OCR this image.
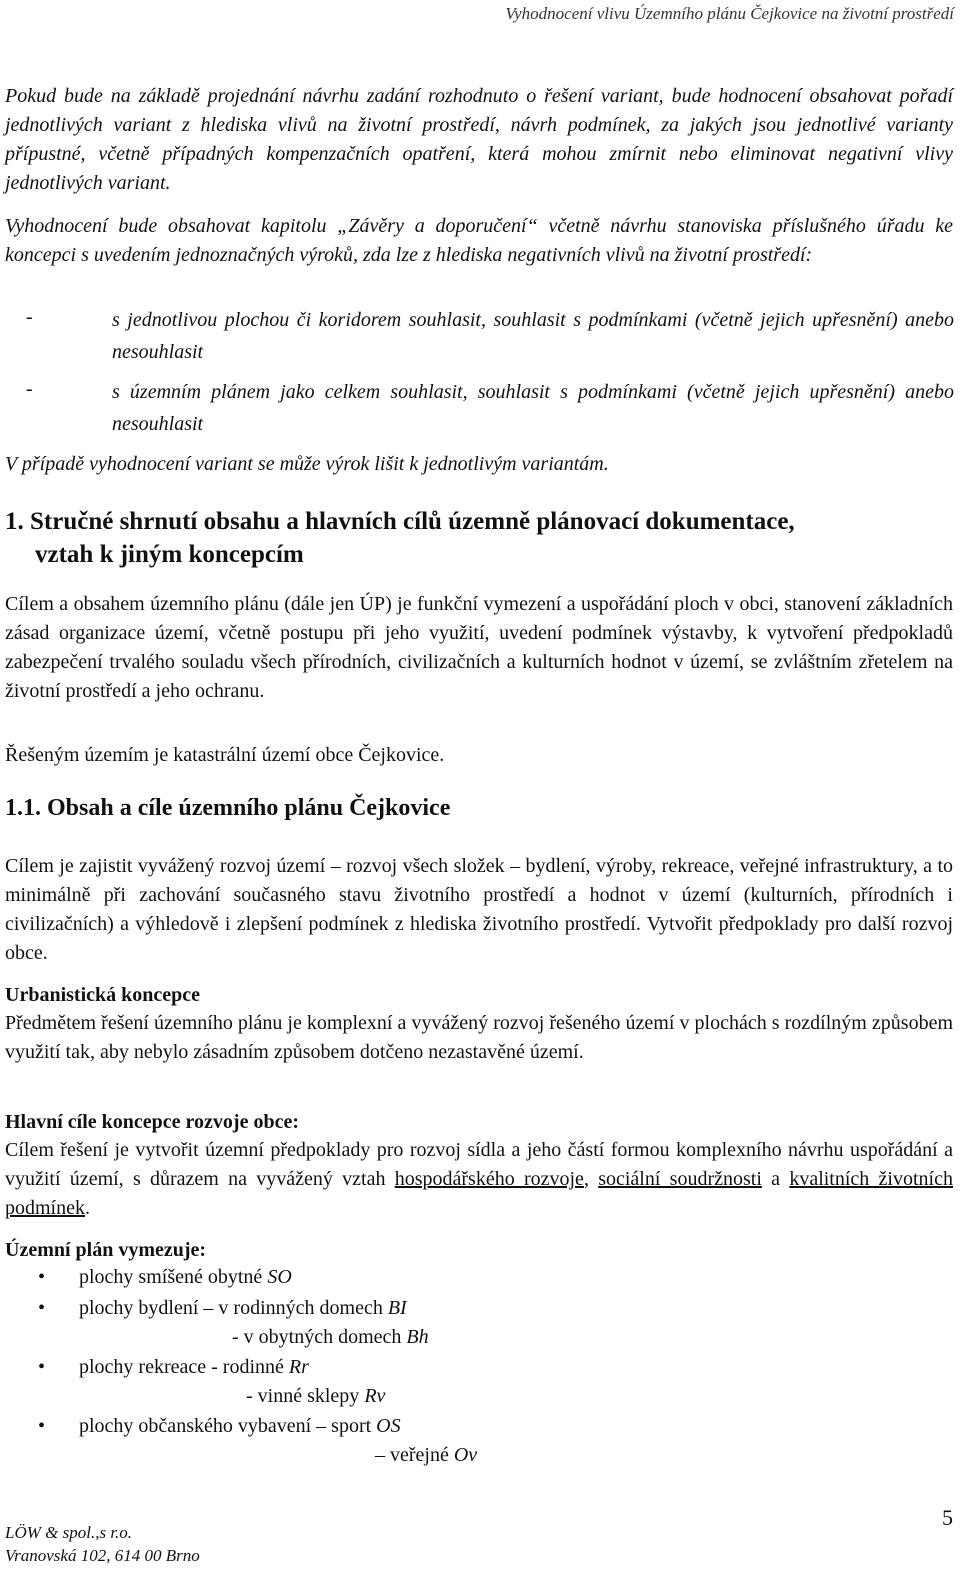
Vyhodnocení vlivu Územního plánu Čejkovice na životní prostředí

Pokud bude na základě projednání návrhu zadání rozhodnuto o řešení variant, bude hodnocení obsahovat pořadí jednotlivých variant z hlediska vlivů na životní prostředí, návrh podmínek, za jakých jsou jednotlivé varianty přípustné, včetně případných kompenzačních opatření, která mohou zmírnit nebo eliminovat negativní vlivy jednotlivých variant.

Vyhodnocení bude obsahovat kapitolu „Závěry a doporučení“ včetně návrhu stanoviska příslušného úřadu ke koncepci s uvedením jednoznačných výroků, zda lze z hlediska negativních vlivů na životní prostředí:

-	s jednotlivou plochou či koridorem souhlasit, souhlasit s podmínkami (včetně jejich upřesnění) anebo nesouhlasit

-	s územním plánem jako celkem souhlasit, souhlasit s podmínkami (včetně jejich upřesnění) anebo nesouhlasit

V případě vyhodnocení variant se může výrok lišit k jednotlivým variantám.

1. Stručné shrnutí obsahu a hlavních cílů územně plánovací dokumentace,
vztah k jiným koncepcím

Cílem a obsahem územního plánu (dále jen ÚP) je funkční vymezení a uspořádání ploch v obci, stanovení základních zásad organizace území, včetně postupu při jeho využití, uvedení podmínek výstavby, k vytvoření předpokladů zabezpečení trvalého souladu všech přírodních, civilizačních a kulturních hodnot v území, se zvláštním zřetelem na životní prostředí a jeho ochranu.

Řešeným územím je katastrální území obce Čejkovice.

1.1. Obsah a cíle územního plánu Čejkovice

Cílem je zajistit vyvážený rozvoj území – rozvoj všech složek – bydlení, výroby, rekreace, veřejné infrastruktury, a to minimálně při zachování současného stavu životního prostředí a hodnot v území (kulturních, přírodních i civilizačních) a výhledově i zlepšení podmínek z hlediska životního prostředí. Vytvořit předpoklady pro další rozvoj obce.

Urbanistická koncepce

Předmětem řešení územního plánu je komplexní a vyvážený rozvoj řešeného území v plochách s rozdílným způsobem využití tak, aby nebylo zásadním způsobem dotčeno nezastavěné území.

Hlavní cíle koncepce rozvoje obce:

Cílem řešení je vytvořit územní předpoklady pro rozvoj sídla a jeho částí formou komplexního návrhu uspořádání a využití území, s důrazem na vyvážený vztah hospodářského rozvoje, sociální soudržnosti a kvalitních životních podmínek.

Územní plán vymezuje:

• plochy smíšené obytné SO
• plochy bydlení – v rodinných domech BI
- v obytných domech Bh
• plochy rekreace - rodinné Rr
- vinné sklepy Rv
• plochy občanského vybavení – sport OS
– veřejné Ov
LÖW & spol.,s r.o.
Vranovská 102, 614 00 Brno
5
